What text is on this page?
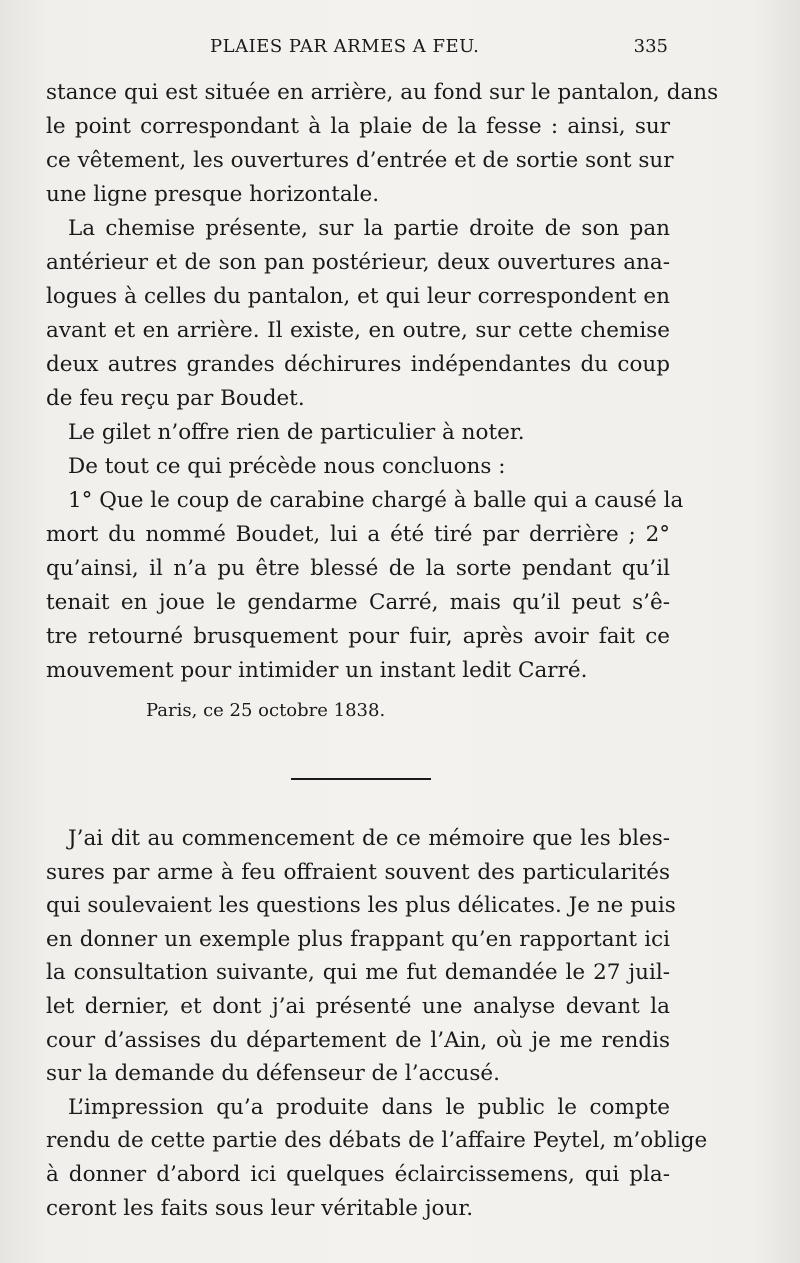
PLAIES PAR ARMES A FEU.	335
stance qui est située en arrière, au fond sur le pantalon, dans
le point correspondant à la plaie de la fesse : ainsi, sur
ce vêtement, les ouvertures d’entrée et de sortie sont sur
une ligne presque horizontale.
La chemise présente, sur la partie droite de son pan
antérieur et de son pan postérieur, deux ouvertures ana-
logues à celles du pantalon, et qui leur correspondent en
avant et en arrière. Il existe, en outre, sur cette chemise
deux autres grandes déchirures indépendantes du coup
de feu reçu par Boudet.
Le gilet n’offre rien de particulier à noter.
De tout ce qui précède nous concluons :
1° Que le coup de carabine chargé à balle qui a causé la
mort du nommé Boudet, lui a été tiré par derrière ; 2°
qu’ainsi, il n’a pu être blessé de la sorte pendant qu’il
tenait en joue le gendarme Carré, mais qu’il peut s’ê-
tre retourné brusquement pour fuir, après avoir fait ce
mouvement pour intimider un instant ledit Carré.
Paris, ce 25 octobre 1838.
J’ai dit au commencement de ce mémoire que les bles-
sures par arme à feu offraient souvent des particularités
qui soulevaient les questions les plus délicates. Je ne puis
en donner un exemple plus frappant qu’en rapportant ici
la consultation suivante, qui me fut demandée le 27 juil-
let dernier, et dont j’ai présenté une analyse devant la
cour d’assises du département de l’Ain, où je me rendis
sur la demande du défenseur de l’accusé.
L’impression qu’a produite dans le public le compte
rendu de cette partie des débats de l’affaire Peytel, m’oblige
à donner d’abord ici quelques éclaircissemens, qui pla-
ceront les faits sous leur véritable jour.
